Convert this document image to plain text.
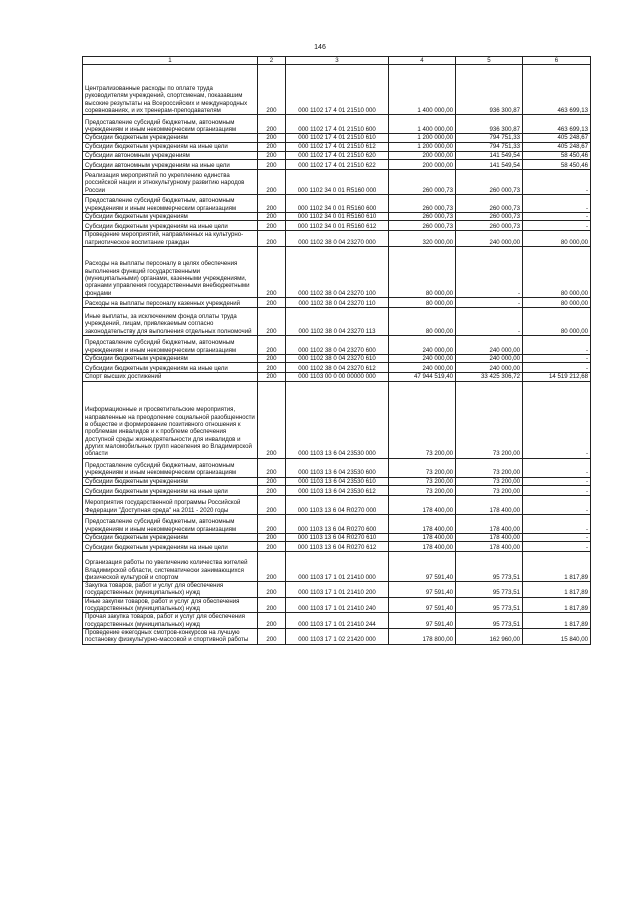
146
1	2	3	4	5	6
Централизованные расходы по оплате труда руководителям учреждений, спортсменам, показавшим высокие результаты на Всероссийских и международных соревнованиях, и их тренерам-преподавателям	200	000 1102 17 4 01 21510 000	1 400 000,00	936 300,87	463 699,13
Предоставление субсидий бюджетным, автономным учреждениям и иным некоммерческим организациям	200	000 1102 17 4 01 21510 600	1 400 000,00	936 300,87	463 699,13
Субсидии бюджетным учреждениям	200	000 1102 17 4 01 21510 610	1 200 000,00	794 751,33	405 248,67
Субсидии бюджетным учреждениям на иные цели	200	000 1102 17 4 01 21510 612	1 200 000,00	794 751,33	405 248,67
Субсидии автономным учреждениям	200	000 1102 17 4 01 21510 620	200 000,00	141 549,54	58 450,46
Субсидии автономным учреждениям на иные цели	200	000 1102 17 4 01 21510 622	200 000,00	141 549,54	58 450,46
Реализация мероприятий по укреплению единства российской нации и этнокультурному развитию народов России	200	000 1102 34 0 01 R5160 000	260 000,73	260 000,73	-
Предоставление субсидий бюджетным, автономным учреждениям и иным некоммерческим организациям	200	000 1102 34 0 01 R5160 600	260 000,73	260 000,73	-
Субсидии бюджетным учреждениям	200	000 1102 34 0 01 R5160 610	260 000,73	260 000,73	-
Субсидии бюджетным учреждениям на иные цели	200	000 1102 34 0 01 R5160 612	260 000,73	260 000,73	-
Проведение мероприятий, направленных на культурно-патриотическое воспитание граждан	200	000 1102 38 0 04 23270 000	320 000,00	240 000,00	80 000,00
Расходы на выплаты персоналу в целях обеспечения выполнения функций государственными (муниципальными) органами, казенными учреждениями, органами управления государственными внебюджетными фондами	200	000 1102 38 0 04 23270 100	80 000,00	-	80 000,00
Расходы на выплаты персоналу казенных учреждений	200	000 1102 38 0 04 23270 110	80 000,00	-	80 000,00
Иные выплаты, за исключением фонда оплаты труда учреждений, лицам, привлекаемым согласно законодательству для выполнения отдельных полномочий	200	000 1102 38 0 04 23270 113	80 000,00	-	80 000,00
Предоставление субсидий бюджетным, автономным учреждениям и иным некоммерческим организациям	200	000 1102 38 0 04 23270 600	240 000,00	240 000,00	-
Субсидии бюджетным учреждениям	200	000 1102 38 0 04 23270 610	240 000,00	240 000,00	-
Субсидии бюджетным учреждениям на иные цели	200	000 1102 38 0 04 23270 612	240 000,00	240 000,00	-
Спорт высших достижений	200	000 1103 00 0 00 00000 000	47 944 519,40	33 425 306,72	14 519 212,68
Информационные и просветительские мероприятия, направленные на преодоление социальной разобщенности в обществе и формирование позитивного отношения к проблемам инвалидов и к проблеме обеспечения доступной среды жизнедеятельности для инвалидов и других маломобильных групп населения во Владимирской области	200	000 1103 13 6 04 23530 000	73 200,00	73 200,00	-
Предоставление субсидий бюджетным, автономным учреждениям и иным некоммерческим организациям	200	000 1103 13 6 04 23530 600	73 200,00	73 200,00	-
Субсидии бюджетным учреждениям	200	000 1103 13 6 04 23530 610	73 200,00	73 200,00	-
Субсидии бюджетным учреждениям на иные цели	200	000 1103 13 6 04 23530 612	73 200,00	73 200,00	-
Мероприятия государственной программы Российской Федерации "Доступная среда" на 2011 - 2020 годы	200	000 1103 13 6 04 R0270 000	178 400,00	178 400,00	-
Предоставление субсидий бюджетным, автономным учреждениям и иным некоммерческим организациям	200	000 1103 13 6 04 R0270 600	178 400,00	178 400,00	-
Субсидии бюджетным учреждениям	200	000 1103 13 6 04 R0270 610	178 400,00	178 400,00	-
Субсидии бюджетным учреждениям на иные цели	200	000 1103 13 6 04 R0270 612	178 400,00	178 400,00	-
Организация работы по увеличению количества жителей Владимирской области, систематически занимающихся физической культурой и спортом	200	000 1103 17 1 01 21410 000	97 591,40	95 773,51	1 817,89
Закупка товаров, работ и услуг для обеспечения государственных (муниципальных) нужд	200	000 1103 17 1 01 21410 200	97 591,40	95 773,51	1 817,89
Иные закупки товаров, работ и услуг для обеспечения государственных (муниципальных) нужд	200	000 1103 17 1 01 21410 240	97 591,40	95 773,51	1 817,89
Прочая закупка товаров, работ и услуг для обеспечения государственных (муниципальных) нужд	200	000 1103 17 1 01 21410 244	97 591,40	95 773,51	1 817,89
Проведение ежегодных смотров-конкурсов на лучшую постановку физкультурно-массовой и спортивной работы	200	000 1103 17 1 02 21420 000	178 800,00	162 960,00	15 840,00
